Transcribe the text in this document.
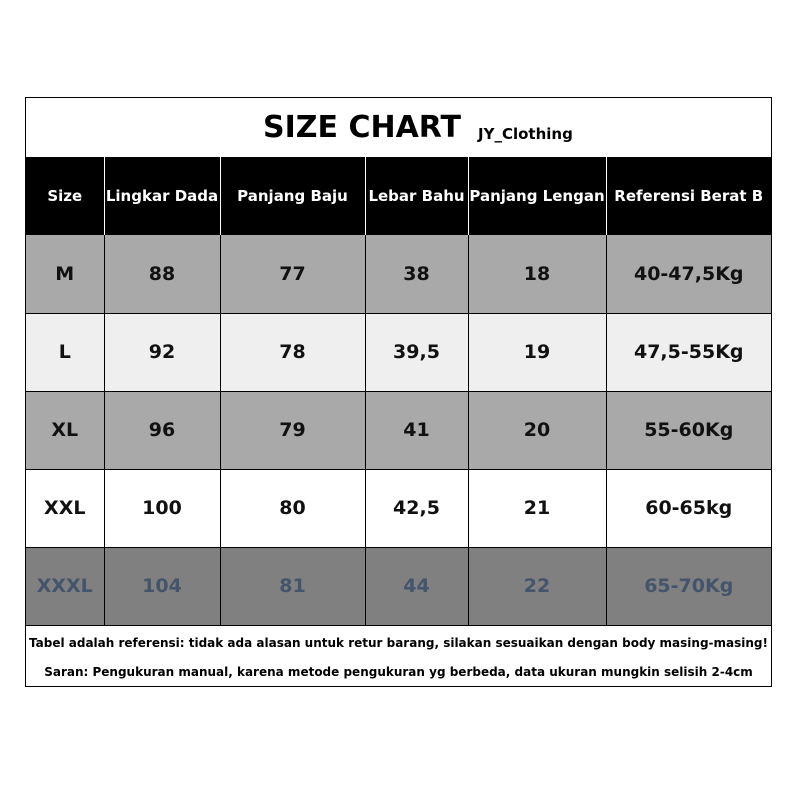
SIZE CHART JY_Clothing
Size	Lingkar Dada	Panjang Baju	Lebar Bahu	Panjang Lengan	Referensi Berat B
M	88	77	38	18	40-47,5Kg
L	92	78	39,5	19	47,5-55Kg
XL	96	79	41	20	55-60Kg
XXL	100	80	42,5	21	60-65kg
XXXL	104	81	44	22	65-70Kg
Tabel adalah referensi: tidak ada alasan untuk retur barang, silakan sesuaikan dengan body masing-masing!
Saran: Pengukuran manual, karena metode pengukuran yg berbeda, data ukuran mungkin selisih 2-4cm
